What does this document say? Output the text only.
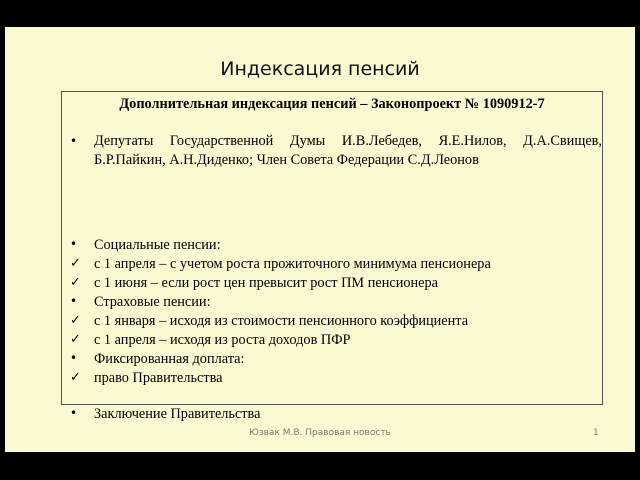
Индексация пенсий
Дополнительная индексация пенсий – Законопроект № 1090912-7
•	Депутаты Государственной Думы И.В.Лебедев, Я.Е.Нилов, Д.А.Свищев, Б.Р.Пайкин, А.Н.Диденко; Член Совета Федерации С.Д.Леонов
•	Социальные пенсии:
✓ с 1 апреля – с учетом роста прожиточного минимума пенсионера
✓ с 1 июня – если рост цен превысит рост ПМ пенсионера
•	Страховые пенсии:
✓ с 1 января – исходя из стоимости пенсионного коэффициента
✓ с 1 апреля – исходя из роста доходов ПФР
•	Фиксированная доплата:
✓ право Правительства
•	Заключение Правительства
Юзвак М.В. Правовая новость	1
